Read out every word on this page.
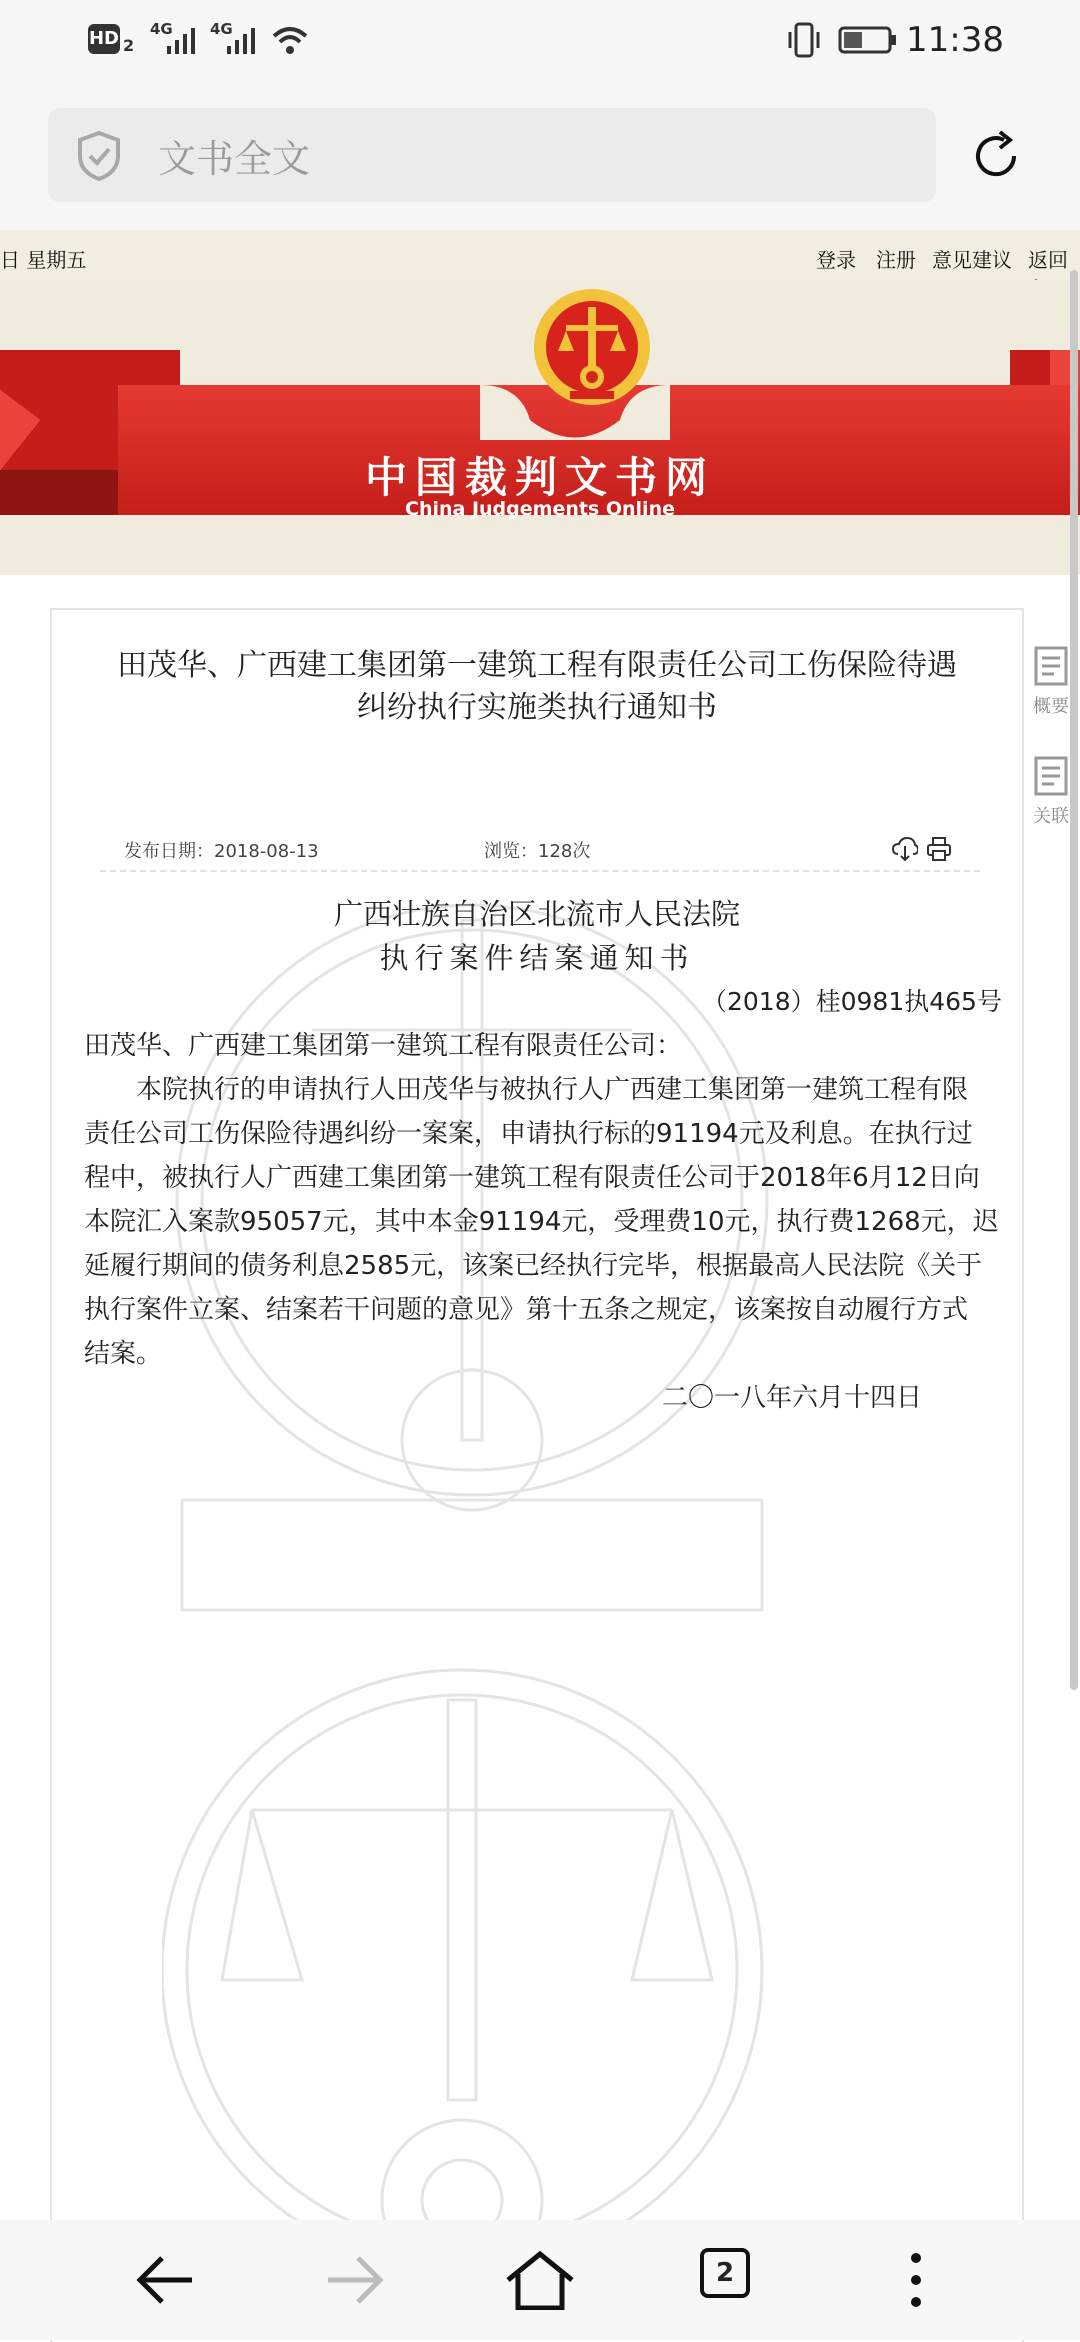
HD 2
4G 4G	11:38
文书全文
日 星期五	登录 注册 意见建议 返回
中国裁判文书网
China Judgements Online
田茂华、广西建工集团第一建筑工程有限责任公司工伤保险待遇
纠纷执行实施类执行通知书
发布日期：2018-08-13	浏览：128次
广西壮族自治区北流市人民法院
执行案件结案通知书
（2018）桂0981执465号
田茂华、广西建工集团第一建筑工程有限责任公司：
本院执行的申请执行人田茂华与被执行人广西建工集团第一建筑工程有限
责任公司工伤保险待遇纠纷一案案，申请执行标的91194元及利息。在执行过
程中，被执行人广西建工集团第一建筑工程有限责任公司于2018年6月12日向
本院汇入案款95057元，其中本金91194元，受理费10元，执行费1268元，迟
延履行期间的债务利息2585元，该案已经执行完毕，根据最高人民法院《关于
执行案件立案、结案若干问题的意见》第十五条之规定，该案按自动履行方式
结案。
二〇一八年六月十四日
概要
关联
2
